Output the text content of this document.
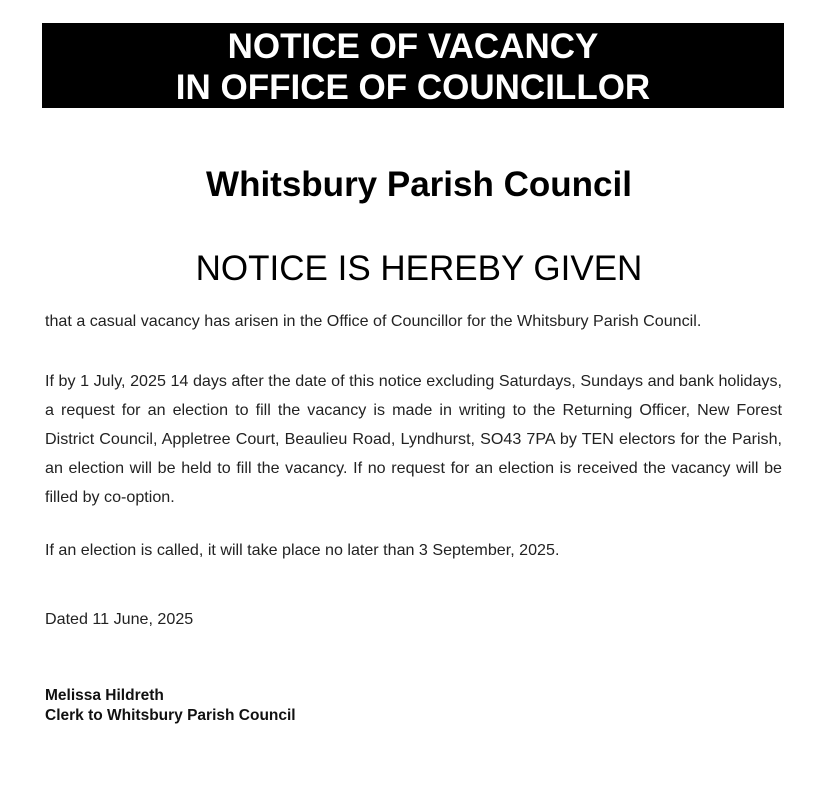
NOTICE OF VACANCY
IN OFFICE OF COUNCILLOR
Whitsbury Parish Council
NOTICE IS HEREBY GIVEN

that a casual vacancy has arisen in the Office of Councillor for the Whitsbury Parish Council.

If by 1 July, 2025 14 days after the date of this notice excluding Saturdays, Sundays and bank holidays, a request for an election to fill the vacancy is made in writing to the Returning Officer, New Forest District Council, Appletree Court, Beaulieu Road, Lyndhurst, SO43 7PA by TEN electors for the Parish, an election will be held to fill the vacancy. If no request for an election is received the vacancy will be filled by co-option.

If an election is called, it will take place no later than 3 September, 2025.

Dated 11 June, 2025
Melissa Hildreth
Clerk to Whitsbury Parish Council
